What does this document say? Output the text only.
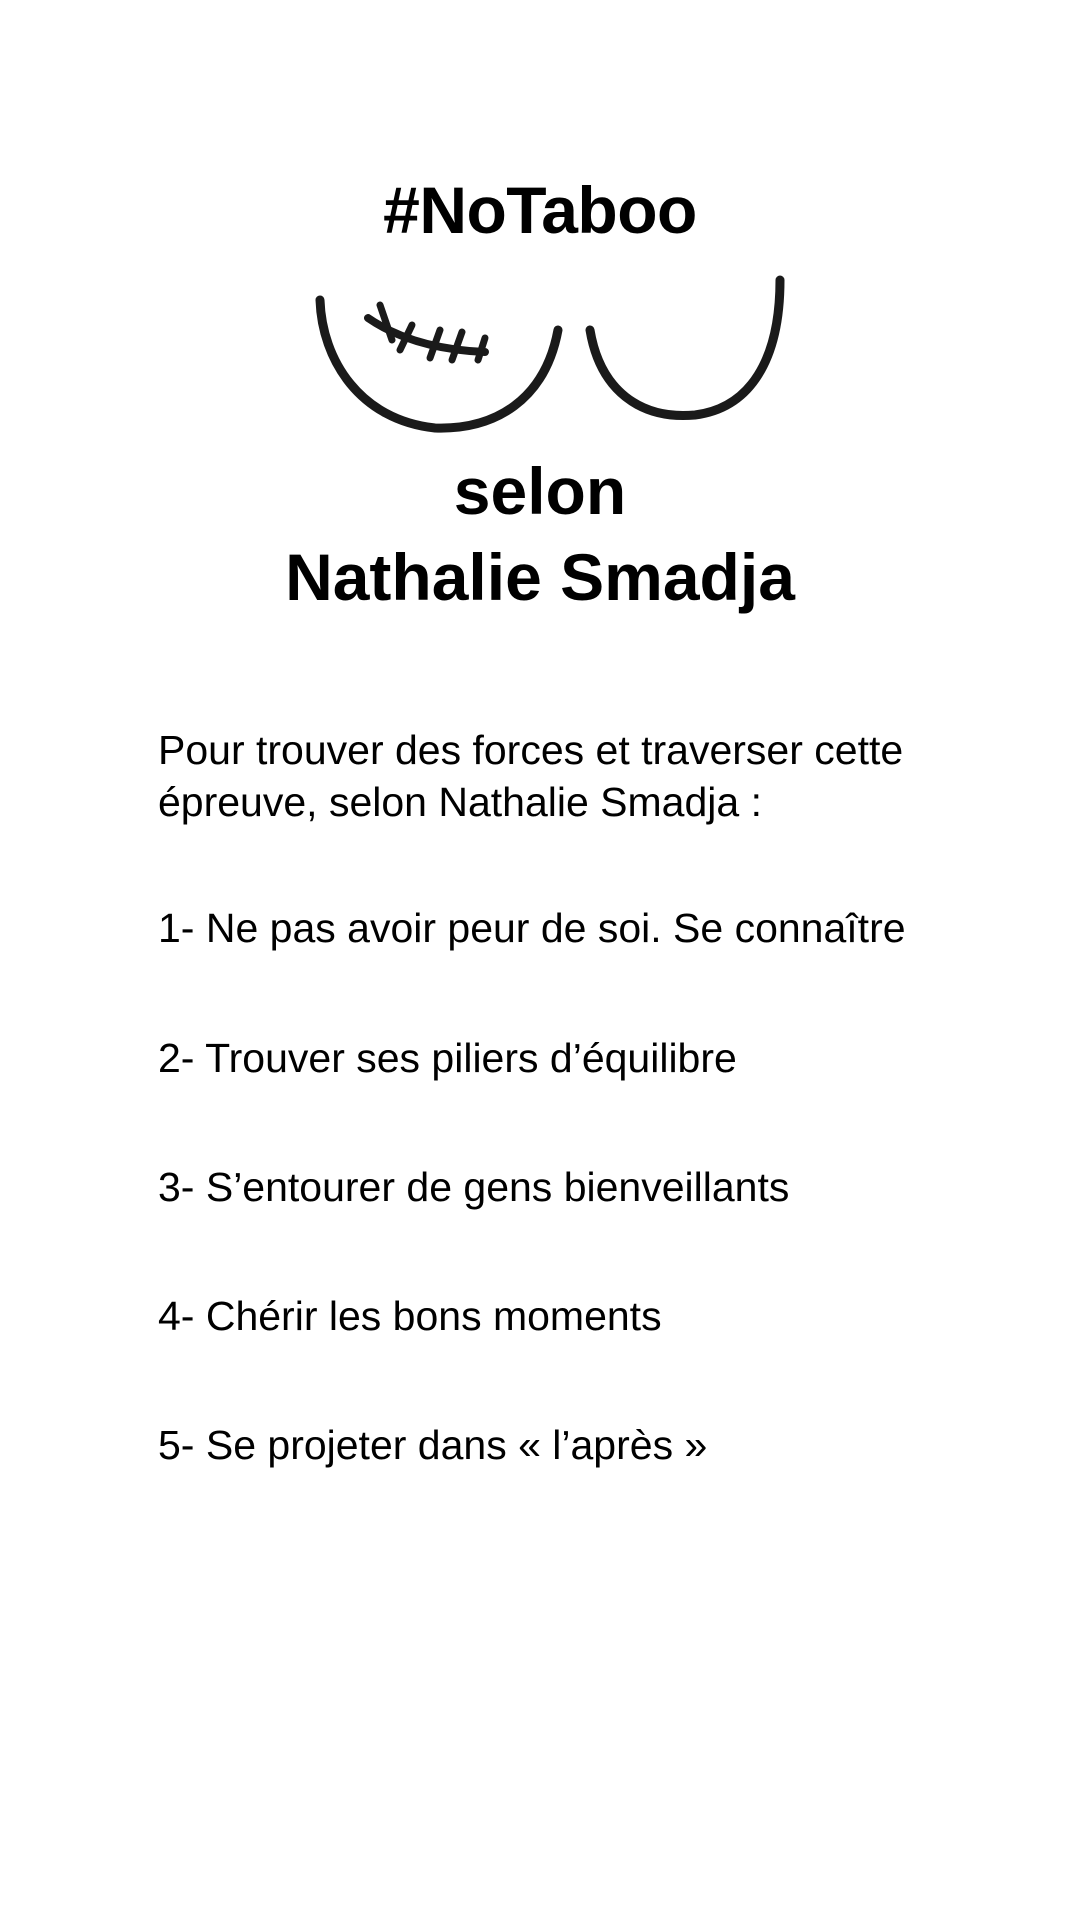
#NoTaboo
selon
Nathalie Smadja
Pour trouver des forces et traverser cette
épreuve, selon Nathalie Smadja :
1- Ne pas avoir peur de soi. Se connaître
2- Trouver ses piliers d’équilibre
3- S’entourer de gens bienveillants
4- Chérir les bons moments
5- Se projeter dans « l’après »
